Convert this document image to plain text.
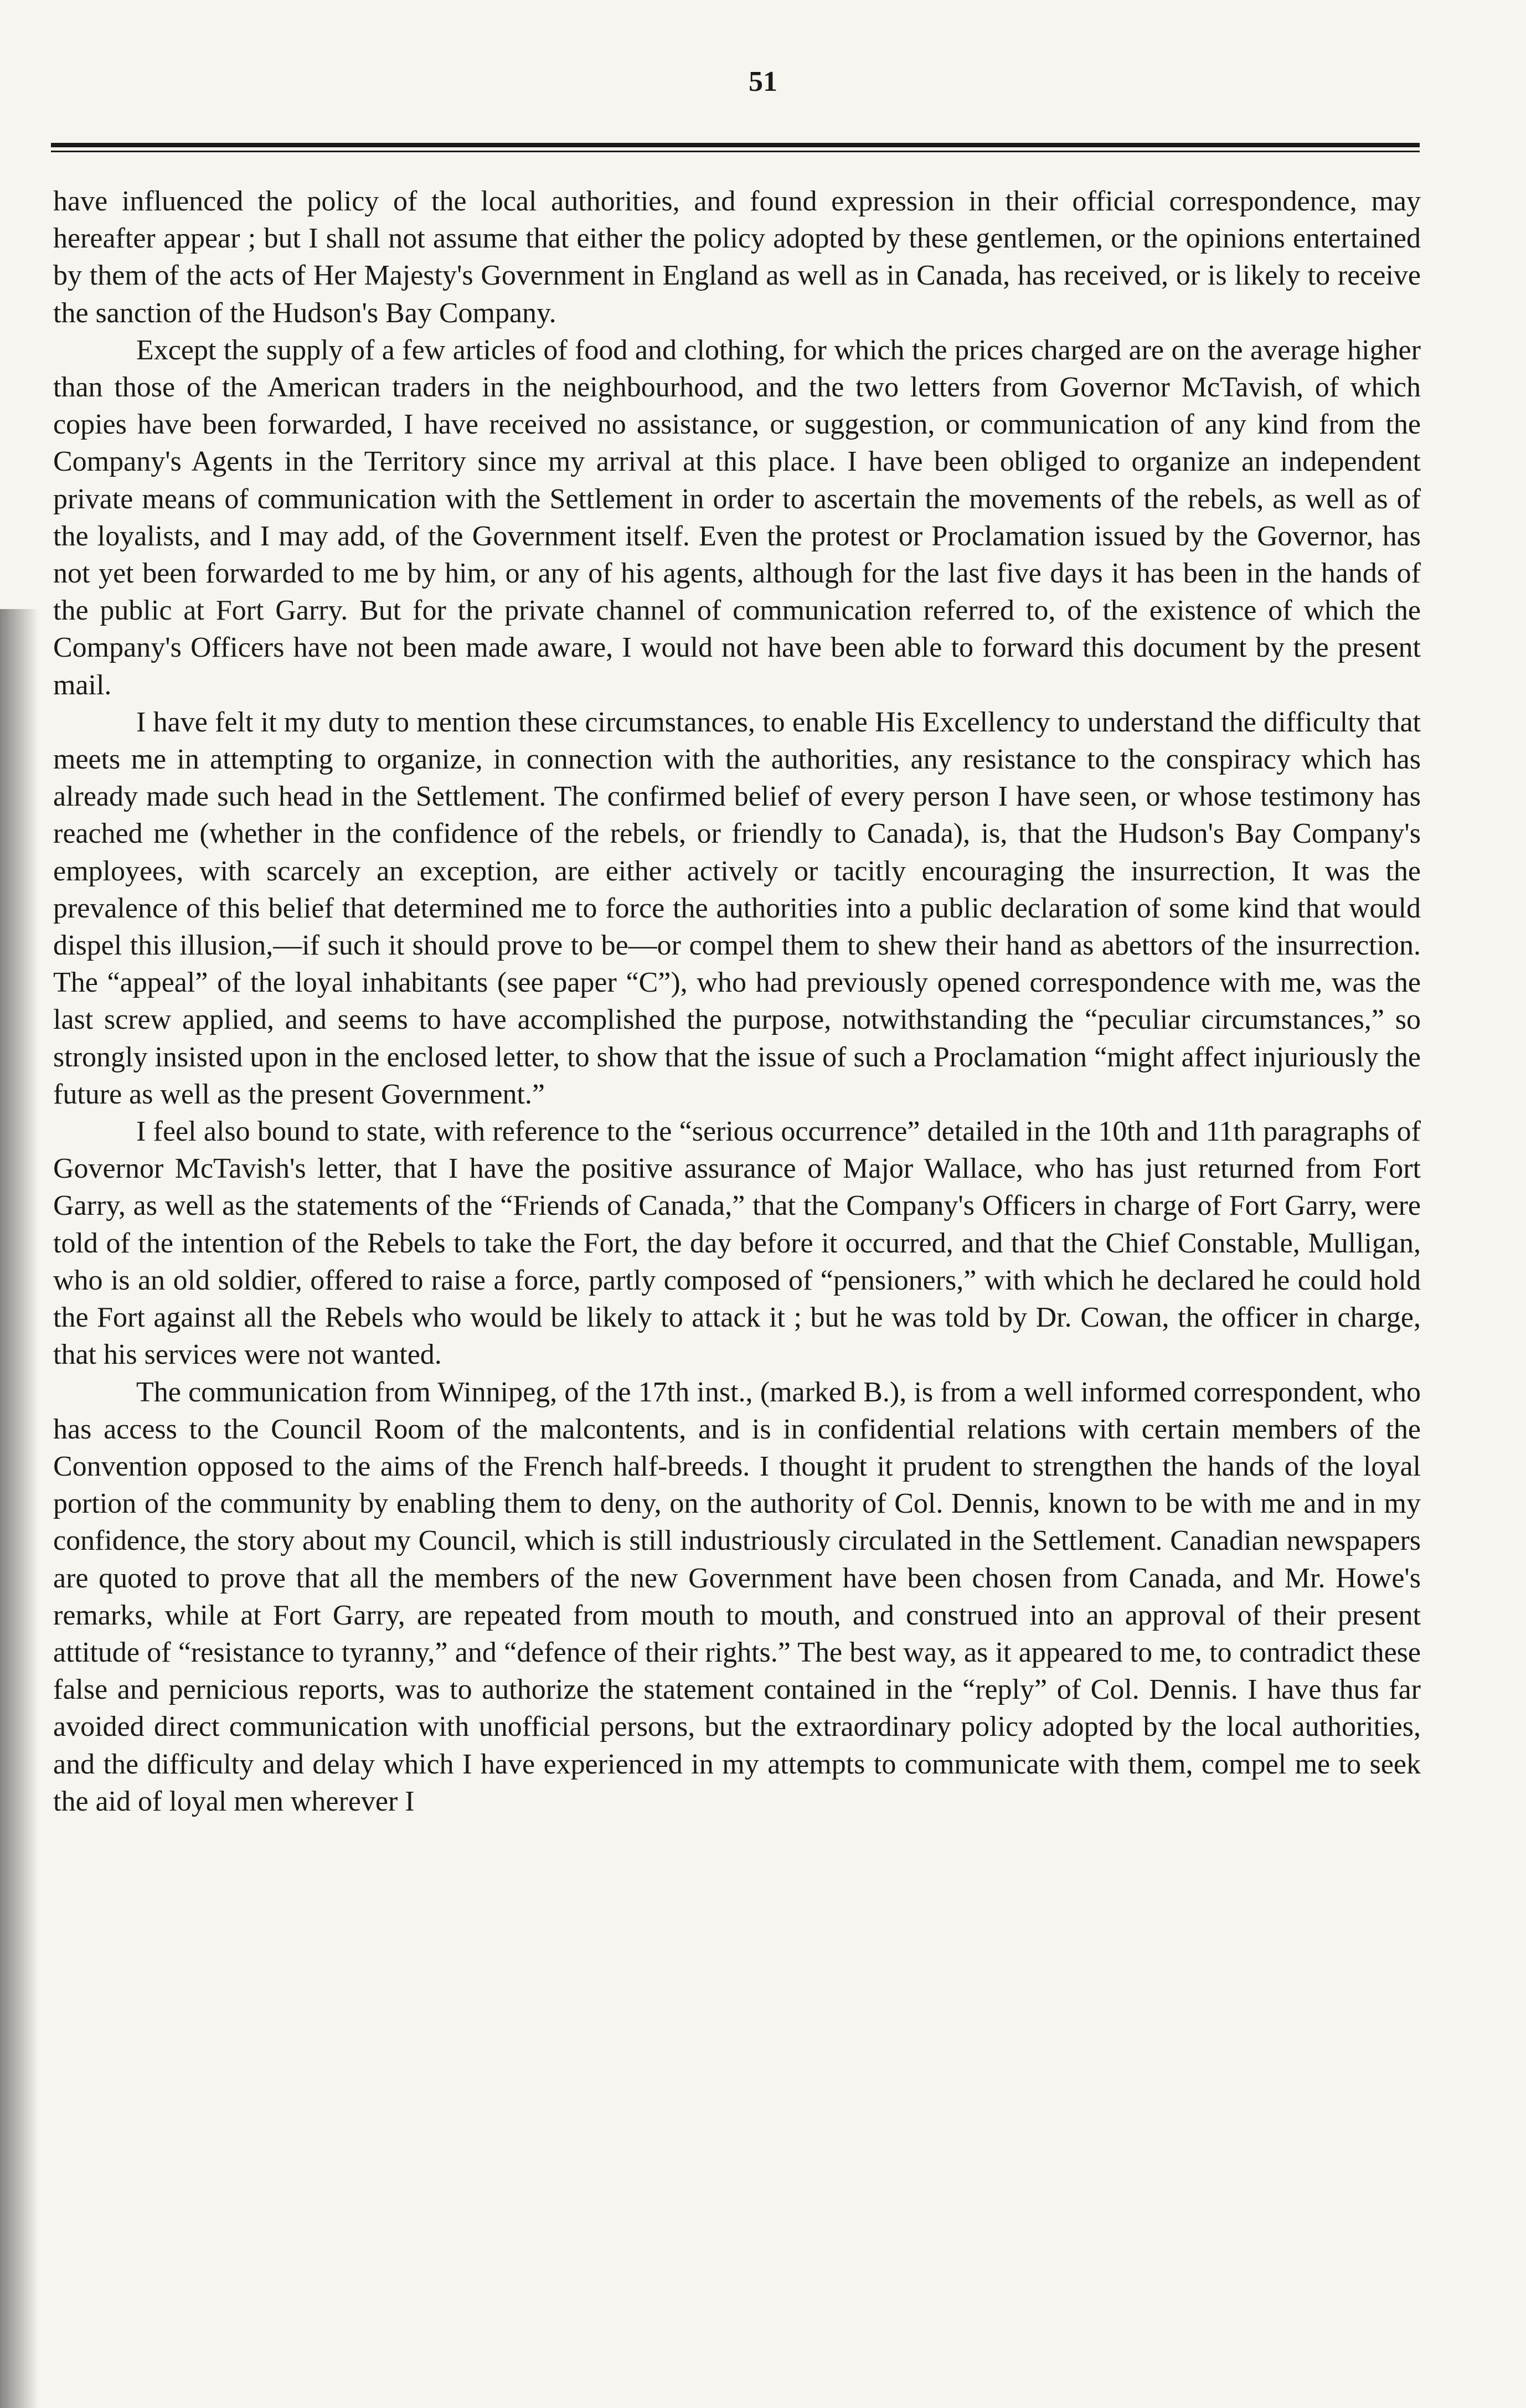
51

have influenced the policy of the local authorities, and found expression in their official correspondence, may hereafter appear ; but I shall not assume that either the policy adopted by these gentlemen, or the opinions entertained by them of the acts of Her Majesty's Government in England as well as in Canada, has received, or is likely to receive the sanction of the Hudson's Bay Company.

Except the supply of a few articles of food and clothing, for which the prices charged are on the average higher than those of the American traders in the neighbourhood, and the two letters from Governor McTavish, of which copies have been forwarded, I have received no assistance, or suggestion, or communication of any kind from the Company's Agents in the Territory since my arrival at this place. I have been obliged to organize an independent private means of communication with the Settlement in order to ascertain the movements of the rebels, as well as of the loyalists, and I may add, of the Government itself. Even the protest or Proclamation issued by the Governor, has not yet been forwarded to me by him, or any of his agents, although for the last five days it has been in the hands of the public at Fort Garry. But for the private channel of communication referred to, of the existence of which the Company's Officers have not been made aware, I would not have been able to forward this document by the present mail.

I have felt it my duty to mention these circumstances, to enable His Excellency to understand the difficulty that meets me in attempting to organize, in connection with the authorities, any resistance to the conspiracy which has already made such head in the Settlement. The confirmed belief of every person I have seen, or whose testimony has reached me (whether in the confidence of the rebels, or friendly to Canada), is, that the Hudson's Bay Company's employees, with scarcely an exception, are either actively or tacitly encouraging the insurrection, It was the prevalence of this belief that determined me to force the authorities into a public declaration of some kind that would dispel this illusion,—if such it should prove to be—or compel them to shew their hand as abettors of the insurrection. The “appeal” of the loyal inhabitants (see paper “C”), who had previously opened correspondence with me, was the last screw applied, and seems to have accomplished the purpose, notwithstanding the “peculiar circumstances,” so strongly insisted upon in the enclosed letter, to show that the issue of such a Proclamation “might affect injuriously the future as well as the present Government.”

I feel also bound to state, with reference to the “serious occurrence” detailed in the 10th and 11th paragraphs of Governor McTavish's letter, that I have the positive assurance of Major Wallace, who has just returned from Fort Garry, as well as the statements of the “Friends of Canada,” that the Company's Officers in charge of Fort Garry, were told of the intention of the Rebels to take the Fort, the day before it occurred, and that the Chief Constable, Mulligan, who is an old soldier, offered to raise a force, partly composed of “pensioners,” with which he declared he could hold the Fort against all the Rebels who would be likely to attack it ; but he was told by Dr. Cowan, the officer in charge, that his services were not wanted.

The communication from Winnipeg, of the 17th inst., (marked B.), is from a well informed correspondent, who has access to the Council Room of the malcontents, and is in confidential relations with certain members of the Convention opposed to the aims of the French half-breeds. I thought it prudent to strengthen the hands of the loyal portion of the community by enabling them to deny, on the authority of Col. Dennis, known to be with me and in my confidence, the story about my Council, which is still industriously circulated in the Settlement. Canadian newspapers are quoted to prove that all the members of the new Government have been chosen from Canada, and Mr. Howe's remarks, while at Fort Garry, are repeated from mouth to mouth, and construed into an approval of their present attitude of “resistance to tyranny,” and “defence of their rights.” The best way, as it appeared to me, to contradict these false and pernicious reports, was to authorize the statement contained in the “reply” of Col. Dennis. I have thus far avoided direct communication with unofficial persons, but the extraordinary policy adopted by the local authorities, and the difficulty and delay which I have experienced in my attempts to communicate with them, compel me to seek the aid of loyal men wherever I
